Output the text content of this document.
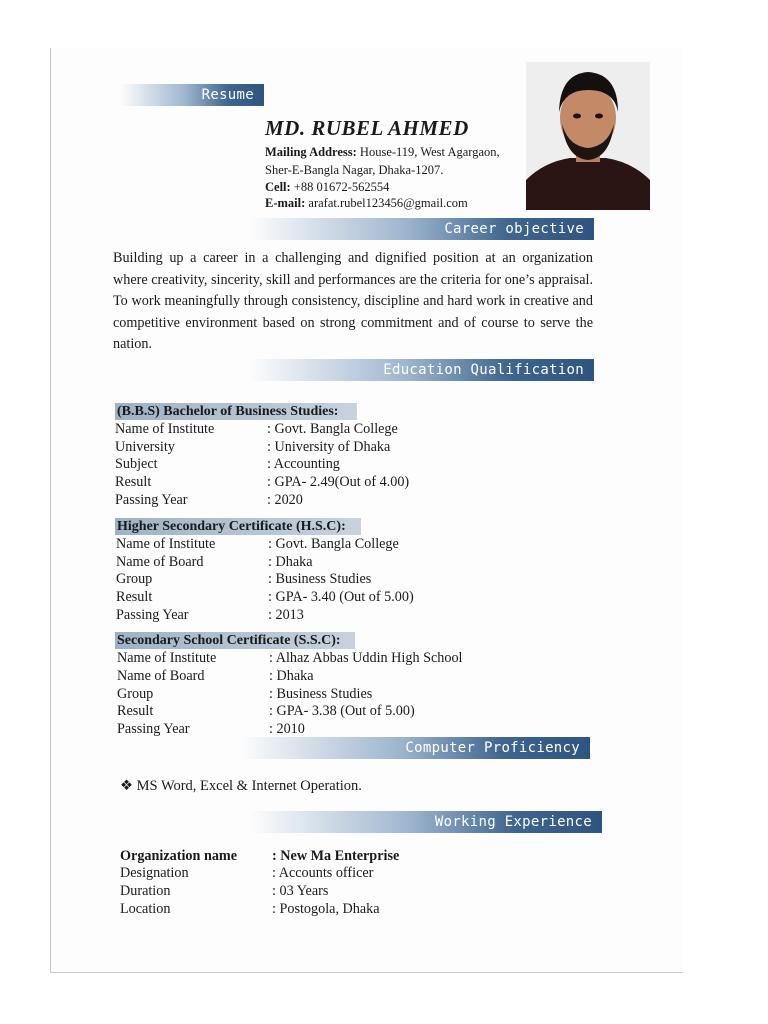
Resume
MD. RUBEL AHMED
Mailing Address: House-119, West Agargaon,
Sher-E-Bangla Nagar, Dhaka-1207.
Cell: +88 01672-562554
E-mail: arafat.rubel123456@gmail.com
Career objective
Building up a career in a challenging and dignified position at an organization where creativity, sincerity, skill and performances are the criteria for one’s appraisal. To work meaningfully through consistency, discipline and hard work in creative and competitive environment based on strong commitment and of course to serve the nation.
Education Qualification
(B.B.S) Bachelor of Business Studies:
Name of Institute	: Govt. Bangla College
University	: University of Dhaka
Subject	: Accounting
Result	: GPA- 2.49(Out of 4.00)
Passing Year	: 2020
Higher Secondary Certificate (H.S.C):
Name of Institute	: Govt. Bangla College
Name of Board	: Dhaka
Group	: Business Studies
Result	: GPA- 3.40 (Out of 5.00)
Passing Year	: 2013
Secondary School Certificate (S.S.C):
Name of Institute	: Alhaz Abbas Uddin High School
Name of Board	: Dhaka
Group	: Business Studies
Result	: GPA- 3.38 (Out of 5.00)
Passing Year	: 2010
Computer Proficiency
❖ MS Word, Excel & Internet Operation.
Working Experience
Organization name : New Ma Enterprise
Designation	: Accounts officer
Duration	: 03 Years
Location	: Postogola, Dhaka
